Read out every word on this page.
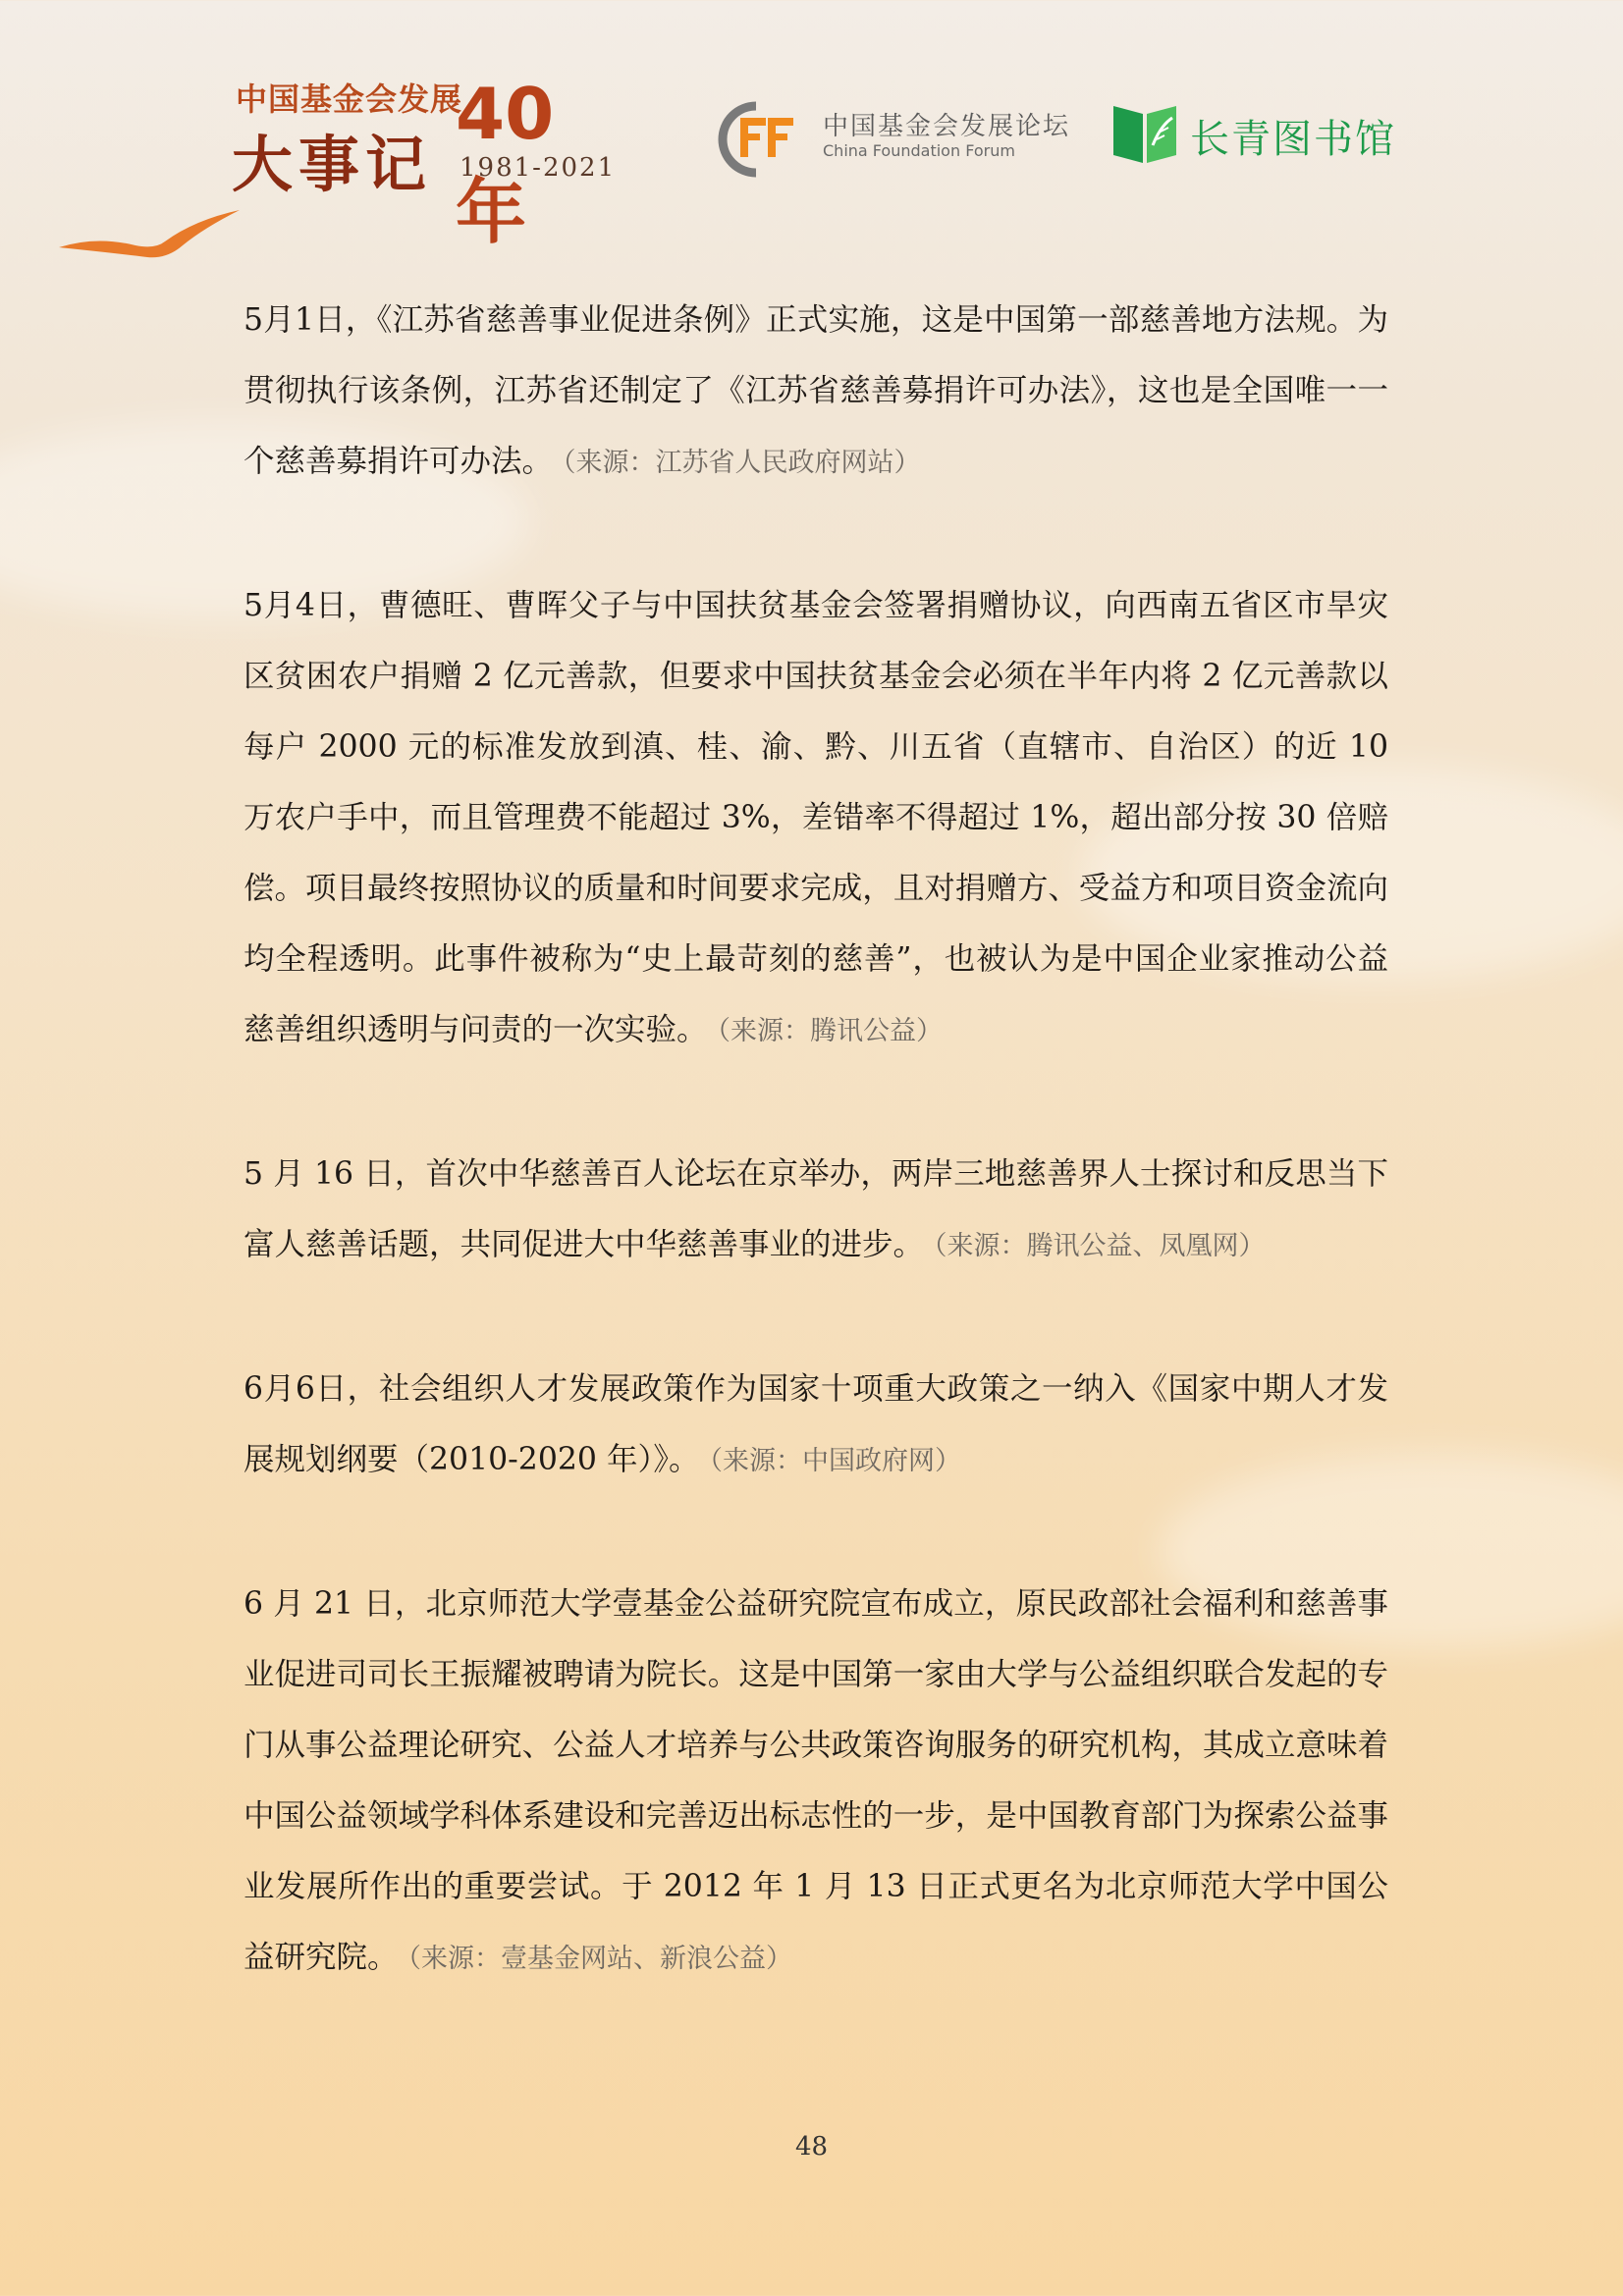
中国基金会发展
大事记
40年
1981-2021
中国基金会发展论坛
China Foundation Forum	长青图书馆

5月1日，《江苏省慈善事业促进条例》正式实施，这是中国第一部慈善地方法规。为贯彻执行该条例，江苏省还制定了《江苏省慈善募捐许可办法》，这也是全国唯一一个慈善募捐许可办法。 （来源：江苏省人民政府网站）

5月4日，曹德旺、曹晖父子与中国扶贫基金会签署捐赠协议，向西南五省区市旱灾区贫困农户捐赠 2 亿元善款，但要求中国扶贫基金会必须在半年内将 2 亿元善款以每户 2000 元的标准发放到滇、桂、渝、黔、川五省（直辖市、自治区）的近 10 万农户手中，而且管理费不能超过 3%，差错率不得超过 1%，超出部分按 30 倍赔偿。项目最终按照协议的质量和时间要求完成，且对捐赠方、受益方和项目资金流向均全程透明。此事件被称为“史上最苛刻的慈善”，也被认为是中国企业家推动公益慈善组织透明与问责的一次实验。 （来源：腾讯公益）

5 月 16 日，首次中华慈善百人论坛在京举办，两岸三地慈善界人士探讨和反思当下富人慈善话题，共同促进大中华慈善事业的进步。 （来源：腾讯公益、凤凰网）

6月6日，社会组织人才发展政策作为国家十项重大政策之一纳入《国家中期人才发展规划纲要（2010-2020 年）》。 （来源：中国政府网）

6 月 21 日，北京师范大学壹基金公益研究院宣布成立，原民政部社会福利和慈善事业促进司司长王振耀被聘请为院长。这是中国第一家由大学与公益组织联合发起的专门从事公益理论研究、公益人才培养与公共政策咨询服务的研究机构，其成立意味着中国公益领域学科体系建设和完善迈出标志性的一步，是中国教育部门为探索公益事业发展所作出的重要尝试。于 2012 年 1 月 13 日正式更名为北京师范大学中国公益研究院。 （来源：壹基金网站、新浪公益）

48
